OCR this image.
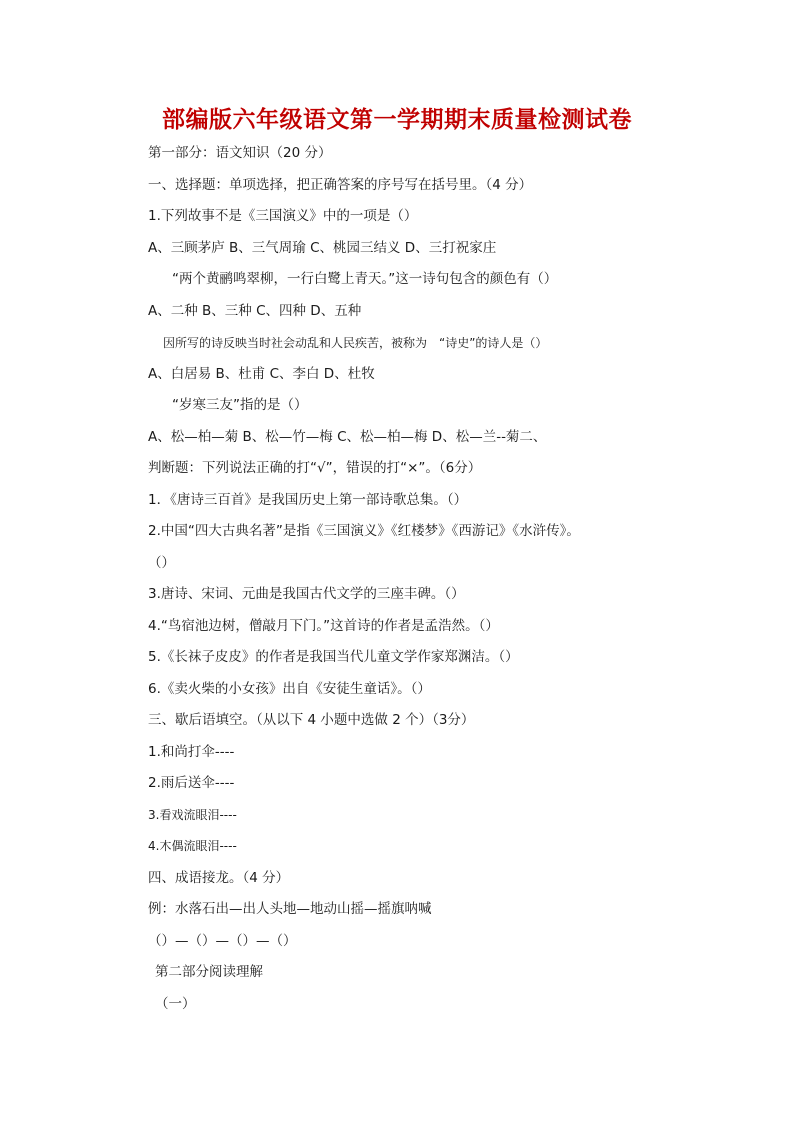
部编版六年级语文第一学期期末质量检测试卷
第一部分：语文知识（20 分）
一、选择题：单项选择，把正确答案的序号写在括号里。（4 分）
1.下列故事不是《三国演义》中的一项是（）
A、三顾茅庐 B、三气周瑜 C、桃园三结义 D、三打祝家庄
“两个黄鹂鸣翠柳，一行白鹭上青天。”这一诗句包含的颜色有（）
A、二种 B、三种 C、四种 D、五种
因所写的诗反映当时社会动乱和人民疾苦，被称为　“诗史”的诗人是（）
A、白居易 B、杜甫 C、李白 D、杜牧
“岁寒三友”指的是（）
A、松—柏—菊 B、松—竹—梅 C、松—柏—梅 D、松—兰--菊二、
判断题：下列说法正确的打“√”，错误的打“×”。（6分）
1．《唐诗三百首》是我国历史上第一部诗歌总集。（）
2.中国“四大古典名著”是指《三国演义》《红楼梦》《西游记》《水浒传》。
（）
3.唐诗、宋词、元曲是我国古代文学的三座丰碑。（）
4.“鸟宿池边树，僧敲月下门。”这首诗的作者是孟浩然。（）
5.《长袜子皮皮》的作者是我国当代儿童文学作家郑渊洁。（）
6.《卖火柴的小女孩》出自《安徒生童话》。（）
三、歇后语填空。（从以下 4 小题中选做 2 个）（3分）
1.和尚打伞----
2.雨后送伞----
3.看戏流眼泪----
4.木偶流眼泪----
四、成语接龙。（4 分）
例：水落石出—出人头地—地动山摇—摇旗呐喊
（）—（）—（）—（）
第二部分阅读理解
（一）
